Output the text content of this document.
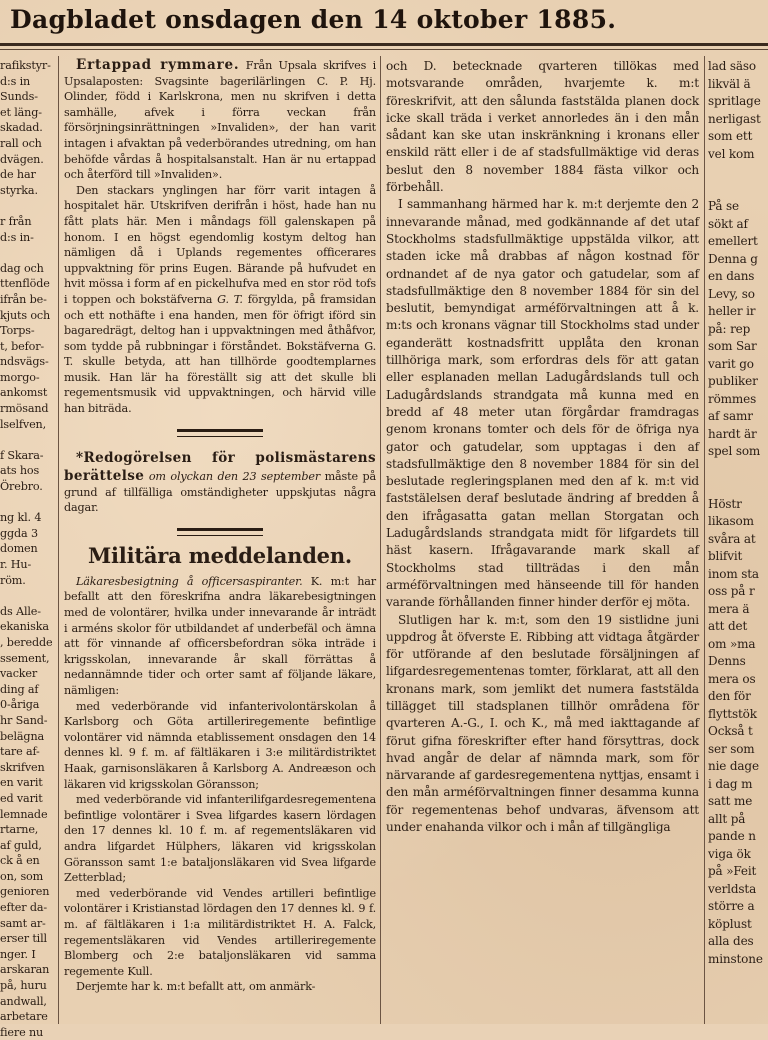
Dagbladet onsdagen den 14 oktober 1885.
rafikstyr-
d:s in
Sunds-
et läng-
skadad.
rall och
dvägen.
de har
styrka.

r från
d:s in-

dag och
ttenflöde
ifrån be-
kjuts och
Torps-
t, befor-
ndsvägs-
morgo-
ankomst
rmösand
lselfven,

f Skara-
ats hos
Örebro.

ng kl. 4
ggda 3
domen
r. Hu-
röm.

ds Alle-
ekaniska
, beredde
ssement,
vacker
ding af
0-åriga
hr Sand-
belägna
tare af-
skrifven
en varit
ed varit
lemnade
rtarne,
af guld,
ck å en
on, som
genioren
efter da-
samt ar-
erser till
nger. I
arskaran
på, huru
andwall,
arbetare
fiere nu

Ertappad rymmare. Från Upsala skrifves i Upsalaposten: Svagsinte bagerilärlingen C. P. Hj. Olinder, född i Karlskrona, men nu skrifven i detta samhälle, afvek i förra veckan från försörjningsinrättningen »Invaliden», der han varit intagen i afvaktan på vederbörandes utredning, om han behöfde vårdas å hospitalsanstalt. Han är nu ertappad och återförd till »Invaliden».

Den stackars ynglingen har förr varit intagen å hospitalet här. Utskrifven derifrån i höst, hade han nu fått plats här. Men i måndags föll galenskapen på honom. I en högst egendomlig kostym deltog han nämligen då i Uplands regementes officerares uppvaktning för prins Eugen. Bärande på hufvudet en hvit mössa i form af en pickelhufva med en stor röd tofs i toppen och bokstäfverna G. T. förgylda, på framsidan och ett nothäfte i ena handen, men för öfrigt iförd sin bagaredrägt, deltog han i uppvaktningen med åthåfvor, som tydde på rubbningar i förståndet. Bokstäfverna G. T. skulle betyda, att han tillhörde goodtemplarnes musik. Han lär ha föreställt sig att det skulle bli regementsmusik vid uppvaktningen, och härvid ville han biträda.

*Redogörelsen för polismästarens berättelse om olyckan den 23 september måste på grund af tillfälliga omständigheter uppskjutas några dagar.

Militära meddelanden.

Läkaresbesigtning å officersaspiranter. K. m:t har befallt att den föreskrifna andra läkarebesigtningen med de volontärer, hvilka under innevarande år inträdt i arméns skolor för utbildandet af underbefäl och ämna att för vinnande af officersbefordran söka inträde i krigsskolan, innevarande år skall förrättas å nedannämnde tider och orter samt af följande läkare, nämligen:

med vederbörande vid infanterivolontärskolan å Karlsborg och Göta artilleriregemente befintlige volontärer vid nämnda etablissement onsdagen den 14 dennes kl. 9 f. m. af fältläkaren i 3:e militärdistriktet Haak, garnisonsläkaren å Karlsborg A. Andreæson och läkaren vid krigsskolan Göransson;

med vederbörande vid infanterilifgardesregementena befintlige volontärer i Svea lifgardes kasern lördagen den 17 dennes kl. 10 f. m. af regementsläkaren vid andra lifgardet Hülphers, läkaren vid krigsskolan Göransson samt 1:e bataljonsläkaren vid Svea lifgarde Zetterblad;

med vederbörande vid Vendes artilleri befintlige volontärer i Kristianstad lördagen den 17 dennes kl. 9 f. m. af fältläkaren i 1:a militärdistriktet H. A. Falck, regementsläkaren vid Vendes artilleriregemente Blomberg och 2:e bataljonsläkaren vid samma regemente Kull.

Derjemte har k. m:t befallt att, om anmärk-

och D. betecknade qvarteren tillökas med motsvarande områden, hvarjemte k. m:t föreskrifvit, att den sålunda faststälda planen dock icke skall träda i verket annorledes än i den mån sådant kan ske utan inskränkning i kronans eller enskild rätt eller i de af stadsfullmäktige vid deras beslut den 8 november 1884 fästa vilkor och förbehåll.

I sammanhang härmed har k. m:t derjemte den 2 innevarande månad, med godkännande af det utaf Stockholms stadsfullmäktige uppstälda vilkor, att staden icke må drabbas af någon kostnad för ordnandet af de nya gator och gatudelar, som af stadsfullmäktige den 8 november 1884 för sin del beslutit, bemyndigat arméförvaltningen att å k. m:ts och kronans vägnar till Stockholms stad under eganderätt kostnadsfritt upplåta den kronan tillhöriga mark, som erfordras dels för att gatan eller esplanaden mellan Ladugårdslands tull och Ladugårdslands strandgata må kunna med en bredd af 48 meter utan förgårdar framdragas genom kronans tomter och dels för de öfriga nya gator och gatudelar, som upptagas i den af stadsfullmäktige den 8 november 1884 för sin del beslutade regleringsplanen med den af k. m:t vid faststälelsen deraf beslutade ändring af bredden å den ifrågasatta gatan mellan Storgatan och Ladugårdslands strandgata midt för lifgardets till häst kasern. Ifrågavarande mark skall af Stockholms stad tillträdas i den mån arméförvaltningen med hänseende till för handen varande förhållanden finner hinder derför ej möta.

Slutligen har k. m:t, som den 19 sistlidne juni uppdrog åt öfverste E. Ribbing att vidtaga åtgärder för utförande af den beslutade försäljningen af lifgardesregementenas tomter, förklarat, att all den kronans mark, som jemlikt det numera faststälda tillägget till stadsplanen tillhör områdena för qvarteren A.-G., I. och K., må med iakttagande af förut gifna föreskrifter efter hand försyttras, dock hvad angår de delar af nämnda mark, som för närvarande af gardesregementena nyttjas, ensamt i den mån arméförvaltningen finner desamma kunna för regementenas behof undvaras, äfvensom att under enahanda vilkor och i mån af tillgängliga

lad säso
likväl ä
spritlage
nerligast
som ett
vel kom

På se
sökt af
emellert
Denna g
en dans
Levy, so
heller ir
på: rep
som Sar
varit go
publiker
römmes
af samr
hardt är
spel som

Höstr
likasom
svåra at
blifvit
inom sta
oss på r
mera ä
att det
om »ma
Denns
mera os
den för
flyttstök
Också t
ser som
nie dage
i dag m
satt me
allt på
pande n
viga ök
på »Feit
verldsta
större a
köplust
alla des
minstone
